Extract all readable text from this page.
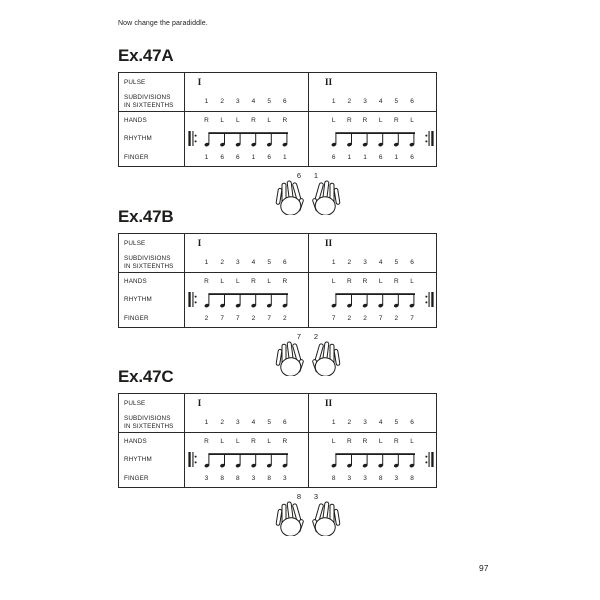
Now change the paradiddle.
Ex.47A
PULSE	I	II
SUBDIVISIONS
IN SIXTEENTHS	1	2	3	4	5	6	1	2	3	4	5	6
HANDS	R	L	L	R	L	R	L	R	R	L	R	L
RHYTHM
FINGER	1	6	6	1	6	1	6	1	1	6	1	6
6 1
Ex.47B
PULSE	I	II
SUBDIVISIONS
IN SIXTEENTHS	1	2	3	4	5	6	1	2	3	4	5	6
HANDS	R	L	L	R	L	R	L	R	R	L	R	L
RHYTHM
FINGER	2	7	7	2	7	2	7	2	2	7	2	7
7 2
Ex.47C
PULSE	I	II
SUBDIVISIONS
IN SIXTEENTHS	1	2	3	4	5	6	1	2	3	4	5	6
HANDS	R	L	L	R	L	R	L	R	R	L	R	L
RHYTHM
FINGER	3	8	8	3	8	3	8	3	3	8	3	8
8 3
97
